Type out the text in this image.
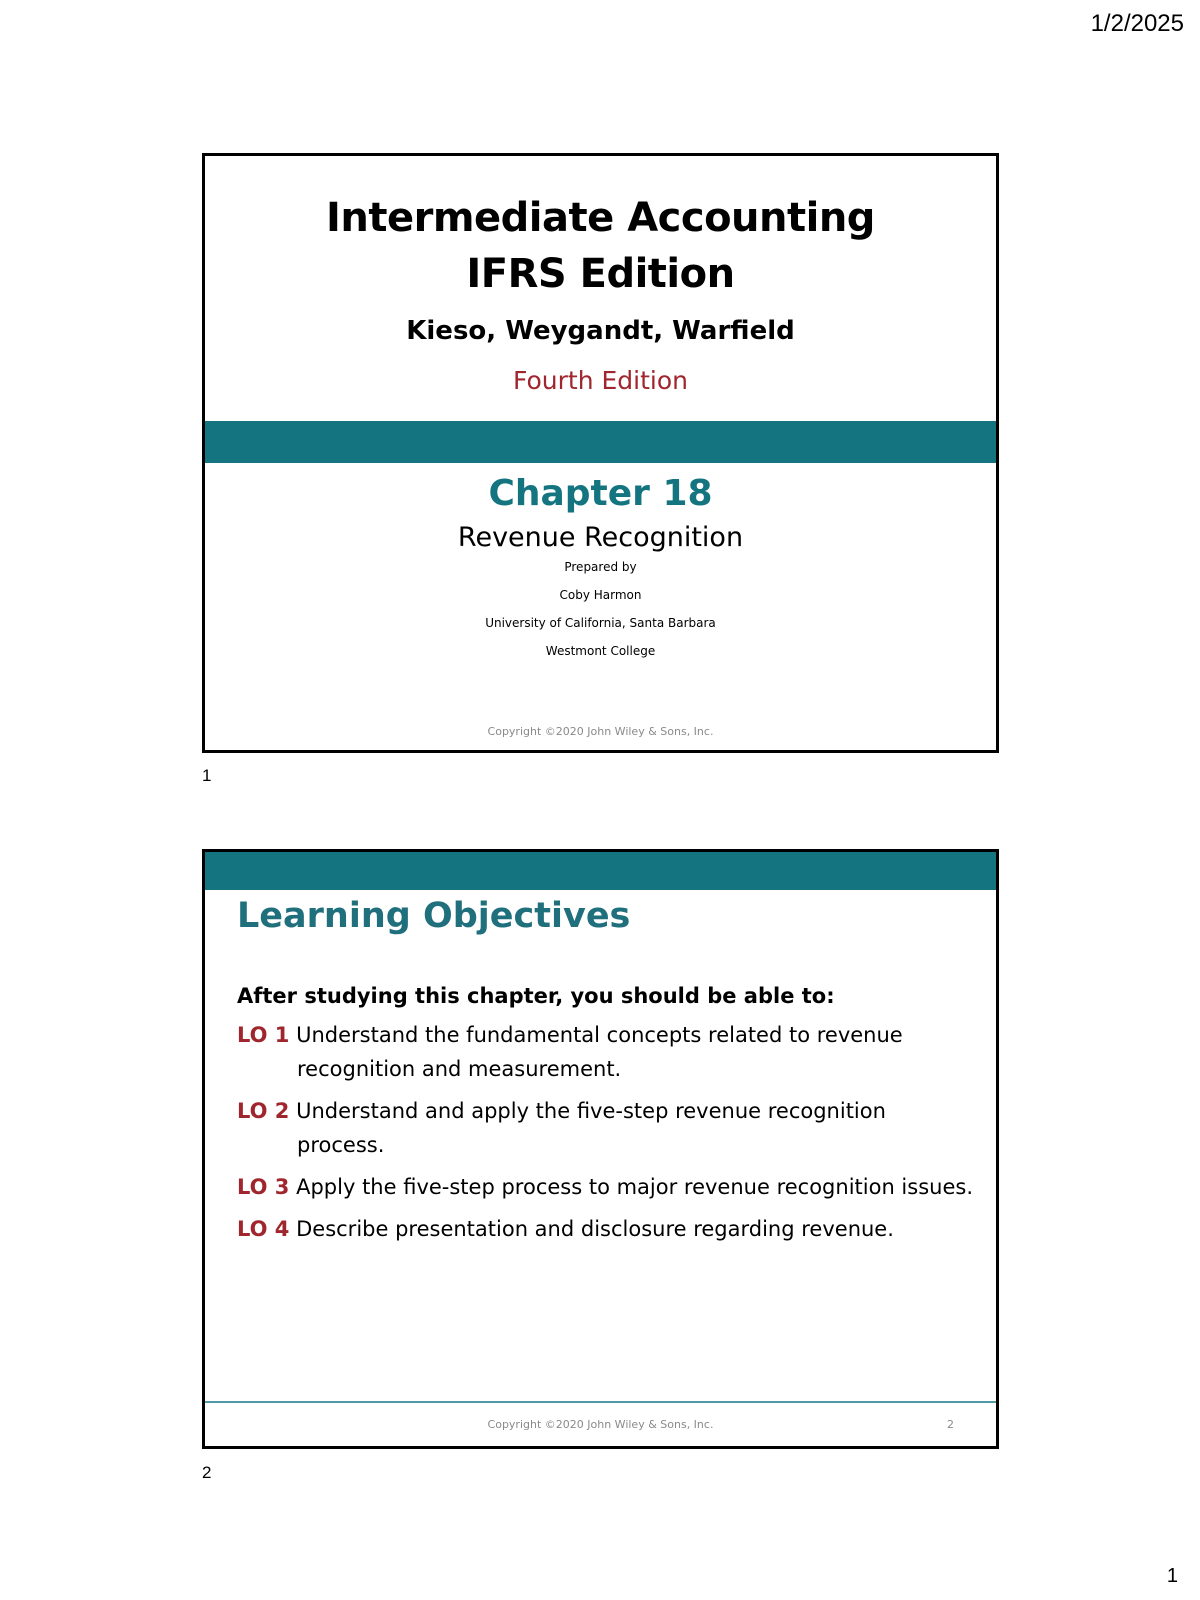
1/2/2025
Intermediate Accounting
IFRS Edition
Kieso, Weygandt, Warfield
Fourth Edition
Chapter 18
Revenue Recognition
Prepared by
Coby Harmon
University of California, Santa Barbara
Westmont College
Copyright ©2020 John Wiley & Sons, Inc.
1
Learning Objectives
After studying this chapter, you should be able to:
LO 1 Understand the fundamental concepts related to revenue recognition and measurement.
LO 2 Understand and apply the five-step revenue recognition process.
LO 3 Apply the five-step process to major revenue recognition issues.
LO 4 Describe presentation and disclosure regarding revenue.
Copyright ©2020 John Wiley & Sons, Inc.	2
2
1
